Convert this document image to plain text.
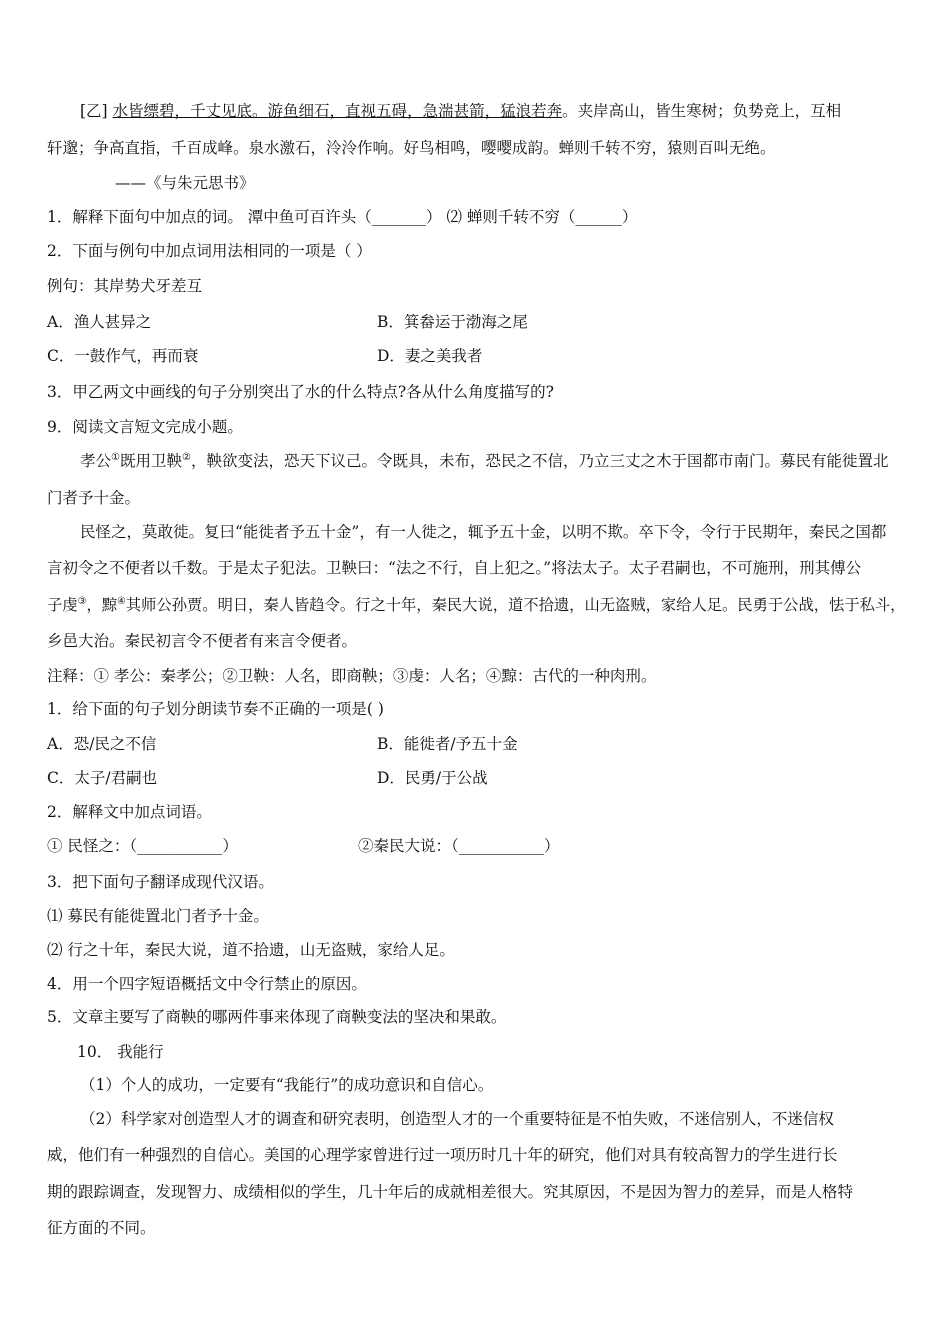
[乙] 水皆缥碧，千丈见底。游鱼细石，直视五碍，急湍甚箭，猛浪若奔。夹岸高山，皆生寒树；负势竞上，互相

轩邈；争高直指，千百成峰。泉水激石，泠泠作响。好鸟相鸣，嘤嘤成韵。蝉则千转不穷，猿则百叫无绝。

——《与朱元思书》

1．解释下面句中加点的词。 潭中鱼可百许头（_______） ⑵ 蝉则千转不穷（______）

2．下面与例句中加点词用法相同的一项是（ ）

例句：其岸势犬牙差互

A．渔人甚异之	B．箕畚运于渤海之尾

C．一鼓作气，再而衰	D．妻之美我者

3．甲乙两文中画线的句子分别突出了水的什么特点?各从什么角度描写的?

9．阅读文言短文完成小题。

孝公①既用卫鞅②，鞅欲变法，恐天下议己。令既具，未布，恐民之不信，乃立三丈之木于国都市南门。募民有能徙置北

门者予十金。

民怪之，莫敢徙。复曰“能徙者予五十金”，有一人徙之，辄予五十金，以明不欺。卒下令，令行于民期年，秦民之国都

言初令之不便者以千数。于是太子犯法。卫鞅曰：“法之不行，自上犯之。”将法太子。太子君嗣也，不可施刑，刑其傅公

子虔③，黥④其师公孙贾。明日，秦人皆趋令。行之十年，秦民大说，道不拾遗，山无盗贼，家给人足。民勇于公战，怯于私斗，

乡邑大治。秦民初言令不便者有来言令便者。

注释：① 孝公：秦孝公；②卫鞅：人名，即商鞅；③虔：人名；④黥：古代的一种肉刑。

1．给下面的句子划分朗读节奏不正确的一项是( )

A．恐/民之不信	B．能徙者/予五十金

C．太子/君嗣也	D．民勇/于公战

2．解释文中加点词语。

① 民怪之：（___________）	②秦民大说：（___________）

3．把下面句子翻译成现代汉语。

⑴ 募民有能徙置北门者予十金。

⑵ 行之十年，秦民大说，道不拾遗，山无盗贼，家给人足。

4．用一个四字短语概括文中令行禁止的原因。

5．文章主要写了商鞅的哪两件事来体现了商鞅变法的坚决和果敢。

10． 我能行

（1）个人的成功，一定要有“我能行”的成功意识和自信心。

（2）科学家对创造型人才的调查和研究表明，创造型人才的一个重要特征是不怕失败，不迷信别人，不迷信权

威，他们有一种强烈的自信心。美国的心理学家曾进行过一项历时几十年的研究，他们对具有较高智力的学生进行长

期的跟踪调查，发现智力、成绩相似的学生，几十年后的成就相差很大。究其原因，不是因为智力的差异，而是人格特

征方面的不同。
